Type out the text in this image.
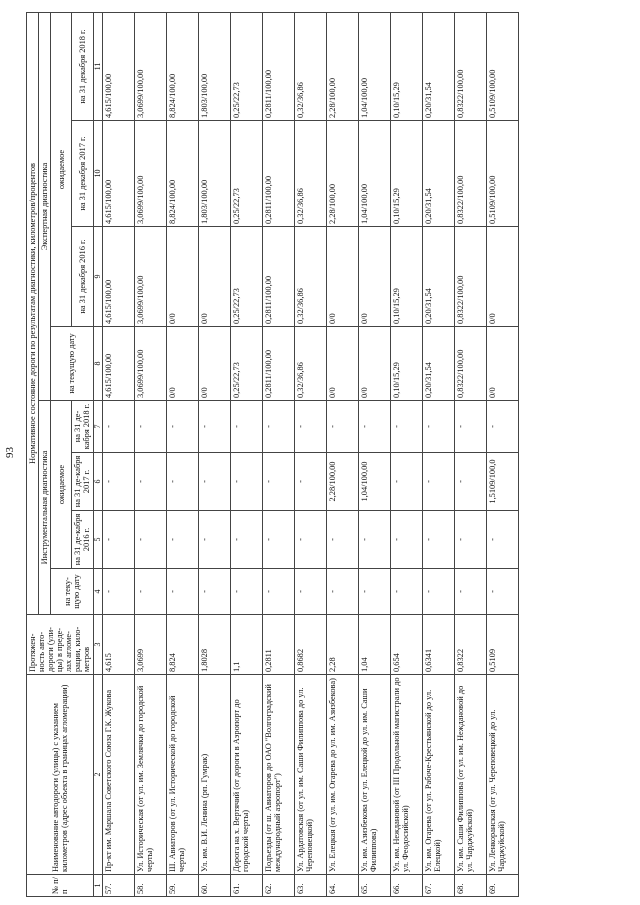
93
№ п/п	Наименование автодороги (улицы) с указанием километров (адрес объекта в границах агломерации)	Протяжен-ность авто-дороги (ули-цы) в преде-лах агломе-рации, кило-метров	Нормативное состояние дороги по результатам диагностики, километров/процентов							
			Инструментальная диагностика				Экспертная диагностика			
			на теку-щую дату	ожидаемое			на текущую дату	ожидаемое		
				на 31 де-кабря 2016 г.	на 31 де-кабря 2017 г.	на 31 де-кабря 2018 г.		на 31 декабря 2016 г.	на 31 декабря 2017 г.	на 31 декабря 2018 г.
1	2	3	4	5	6	7	8	9	10	11
57.	Пр-кт им. Маршала Советского Союза Г.К. Жукова	4,615	-	-	-	-	4,615/100,00	4,615/100,00	4,615/100,00	4,615/100,00
58.	Ул. Историческая (от ул. им. Землячки до городской черты)	3,0699	-	-	-	-	3,0699/100,00	3,0699/100,00	3,0699/100,00	3,0699/100,00
59.	Ш. Авиаторов (от ул. Исторической до городской черты)	8,824	-	-	-	-	0/0	0/0	8,824/100,00	8,824/100,00
60.	Ул. им. В.И. Ленина (рп. Гумрак)	1,8028	-	-	-	-	0/0	0/0	1,803/100,00	1,803/100,00
61.	Дорога на х. Вертячий (от дороги в Аэропорт до городской черты)	1,1	-	-	-	-	0,25/22,73	0,25/22,73	0,25/22,73	0,25/22,73
62.	Подъезды (от ш. Авиаторов до ОАО "Волгоградский международный аэропорт")	0,2811	-	-	-	-	0,2811/100,00	0,2811/100,00	0,2811/100,00	0,2811/100,00
63.	Ул. Ардатовская (от ул. им. Саши Филиппова до ул. Череповецкой)	0,8682	-	-	-	-	0,32/36,86	0,32/36,86	0,32/36,86	0,32/36,86
64.	Ул. Елецкая (от ул. им. Огарева до ул. им. Азизбекова)	2,28	-	-	2,28/100,00	-	0/0	0/0	2,28/100,00	2,28/100,00
65.	Ул. им. Азизбекова (от ул. Елецкой до ул. им. Саши Филиппова)	1,04	-	-	1,04/100,00	-	0/0	0/0	1,04/100,00	1,04/100,00
66.	Ул. им. Неждановой (от III Продольной магистрали до ул. Феодосийской)	0,654	-	-	-	-	0,10/15,29	0,10/15,29	0,10/15,29	0,10/15,29
67.	Ул. им. Огарева (от ул. Рабоче-Крестьянской до ул. Елецкой)	0,6341	-	-	-	-	0,20/31,54	0,20/31,54	0,20/31,54	0,20/31,54
68.	Ул. им. Саши Филиппова (от ул. им. Неждановой до ул. Чарджуйской)	0,8322	-	-	-	-	0,8322/100,00	0,8322/100,00	0,8322/100,00	0,8322/100,00
69.	Ул. Ленкоранская (от ул. Череповецкой до ул. Чарджуйской)	0,5109	-	-	1,5109/100,0	-	0/0	0/0	0,5109/100,00	0,5109/100,00
